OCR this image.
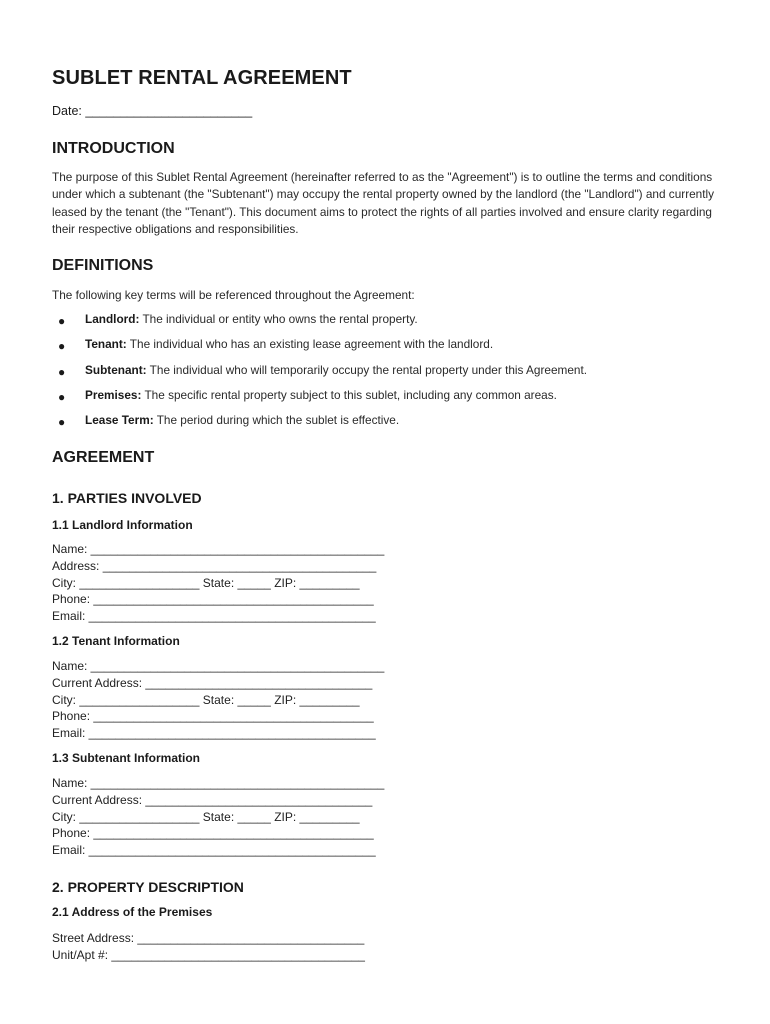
SUBLET RENTAL AGREEMENT
Date: ________________________
INTRODUCTION

The purpose of this Sublet Rental Agreement (hereinafter referred to as the "Agreement") is to outline the terms and conditions under which a subtenant (the "Subtenant") may occupy the rental property owned by the landlord (the "Landlord") and currently leased by the tenant (the "Tenant"). This document aims to protect the rights of all parties involved and ensure clarity regarding their respective obligations and responsibilities.

DEFINITIONS

The following key terms will be referenced throughout the Agreement:

● Landlord: The individual or entity who owns the rental property.
● Tenant: The individual who has an existing lease agreement with the landlord.
● Subtenant: The individual who will temporarily occupy the rental property under this Agreement.
● Premises: The specific rental property subject to this sublet, including any common areas.
● Lease Term: The period during which the sublet is effective.
AGREEMENT
1. PARTIES INVOLVED
1.1 Landlord Information
Name: ____________________________________________
Address: _________________________________________
City: __________________ State: _____ ZIP: _________
Phone: __________________________________________
Email: ___________________________________________
1.2 Tenant Information
Name: ____________________________________________
Current Address: __________________________________
City: __________________ State: _____ ZIP: _________
Phone: __________________________________________
Email: ___________________________________________
1.3 Subtenant Information
Name: ____________________________________________
Current Address: __________________________________
City: __________________ State: _____ ZIP: _________
Phone: __________________________________________
Email: ___________________________________________
2. PROPERTY DESCRIPTION
2.1 Address of the Premises
Street Address: __________________________________
Unit/Apt #: ______________________________________
